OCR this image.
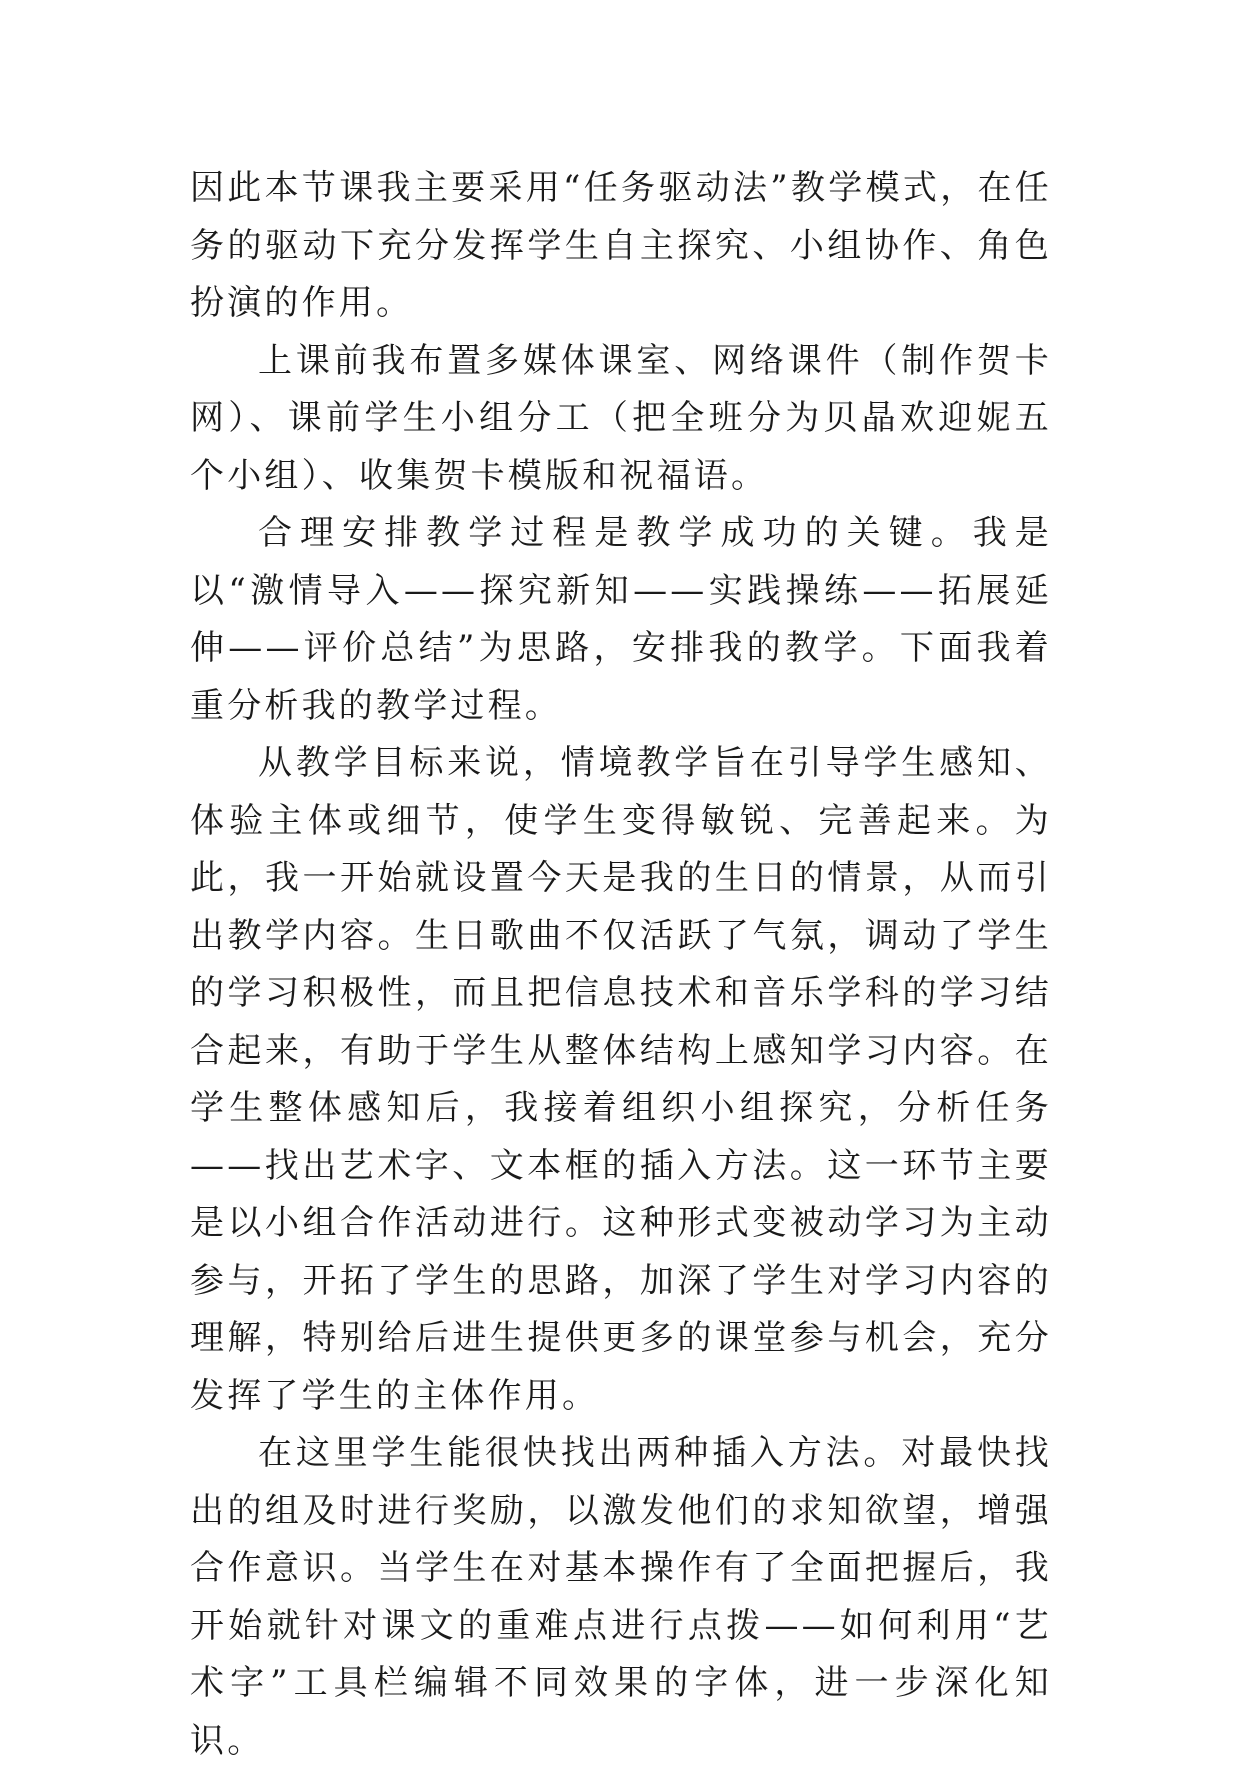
因此本节课我主要采用“任务驱动法”教学模式，在任务的驱动下充分发挥学生自主探究、小组协作、角色扮演的作用。

上课前我布置多媒体课室、网络课件（制作贺卡网）、课前学生小组分工（把全班分为贝晶欢迎妮五个小组）、收集贺卡模版和祝福语。

合理安排教学过程是教学成功的关键。我是以“激情导入——探究新知——实践操练——拓展延伸——评价总结”为思路，安排我的教学。下面我着重分析我的教学过程。

从教学目标来说，情境教学旨在引导学生感知、体验主体或细节，使学生变得敏锐、完善起来。为此，我一开始就设置今天是我的生日的情景，从而引出教学内容。生日歌曲不仅活跃了气氛，调动了学生的学习积极性，而且把信息技术和音乐学科的学习结合起来，有助于学生从整体结构上感知学习内容。在学生整体感知后，我接着组织小组探究，分析任务——找出艺术字、文本框的插入方法。这一环节主要是以小组合作活动进行。这种形式变被动学习为主动参与，开拓了学生的思路，加深了学生对学习内容的理解，特别给后进生提供更多的课堂参与机会，充分发挥了学生的主体作用。

在这里学生能很快找出两种插入方法。对最快找出的组及时进行奖励，以激发他们的求知欲望，增强合作意识。当学生在对基本操作有了全面把握后，我开始就针对课文的重难点进行点拨——如何利用“艺术字”工具栏编辑不同效果的字体，进一步深化知识。
